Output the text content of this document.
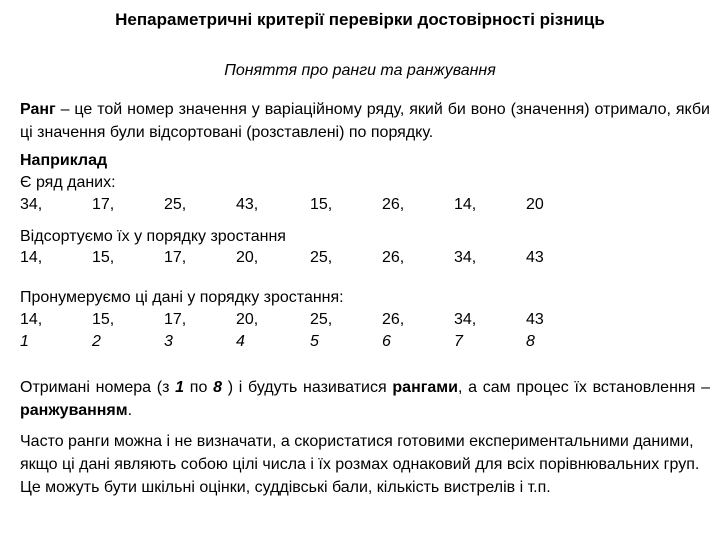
Непараметричні критерії перевірки достовірності різниць
Поняття про ранги та ранжування
Ранг – це той номер значення у варіаційному ряду, який би воно (значення) отримало, якби ці значення були відсортовані (розставлені) по порядку.
Наприклад
Є ряд даних:
34,	17,	25,	43,	15,	26,	14,	20
Відсортуємо їх у порядку зростання
14,	15,	17,	20,	25,	26,	34,	43
Пронумеруємо ці дані у порядку зростання:
14,	15,	17,	20,	25,	26,	34,	43
1	2	3	4	5	6	7	8
Отримані номера (з 1 по 8 ) і будуть називатися рангами, а сам процес їх встановлення – ранжуванням.
Часто ранги можна і не визначати, а скористатися готовими експериментальними даними, якщо ці дані являють собою цілі числа і їх розмах однаковий для всіх порівнювальних груп.
Це можуть бути шкільні оцінки, суддівські бали, кількість вистрелів і т.п.
